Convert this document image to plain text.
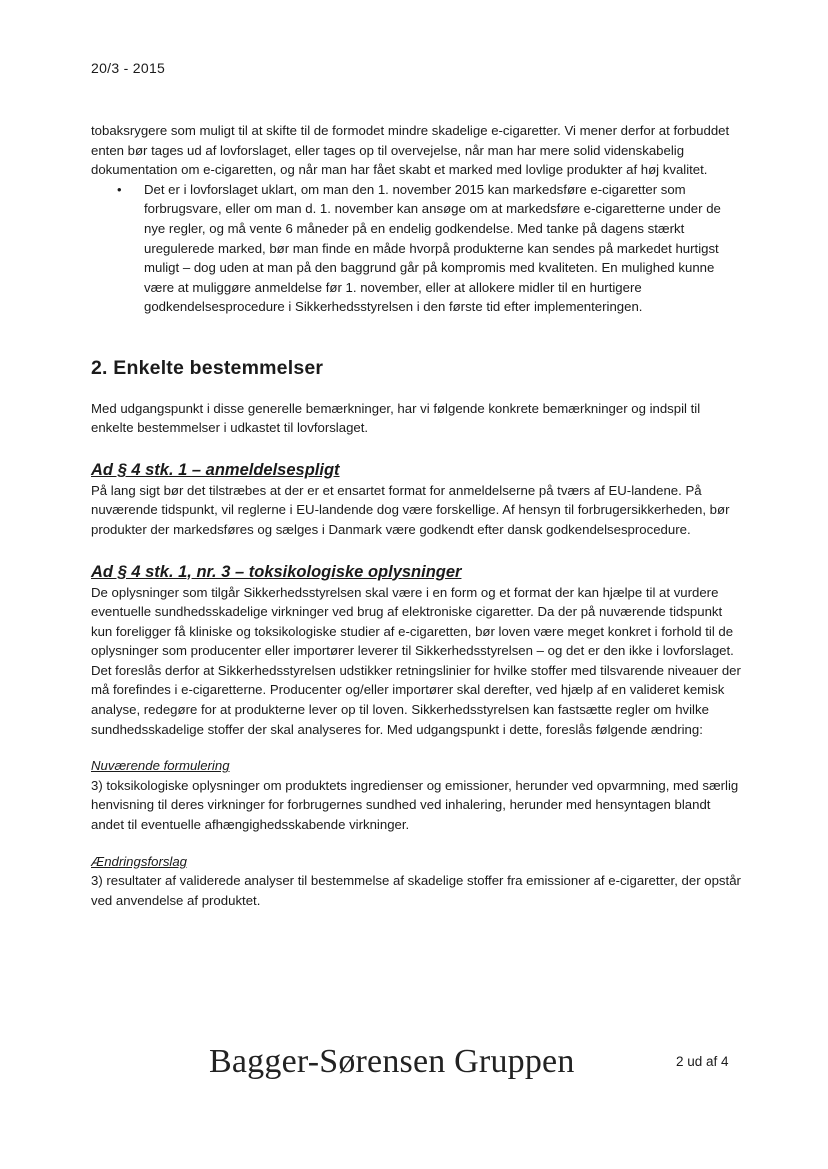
20/3 - 2015

tobaksrygere som muligt til at skifte til de formodet mindre skadelige e-cigaretter. Vi mener derfor at forbuddet enten bør tages ud af lovforslaget, eller tages op til overvejelse, når man har mere solid videnskabelig dokumentation om e-cigaretten, og når man har fået skabt et marked med lovlige produkter af høj kvalitet.

• Det er i lovforslaget uklart, om man den 1. november 2015 kan markedsføre e-cigaretter som forbrugsvare, eller om man d. 1. november kan ansøge om at markedsføre e-cigaretterne under de nye regler, og må vente 6 måneder på en endelig godkendelse. Med tanke på dagens stærkt uregulerede marked, bør man finde en måde hvorpå produkterne kan sendes på markedet hurtigst muligt – dog uden at man på den baggrund går på kompromis med kvaliteten. En mulighed kunne være at muliggøre anmeldelse før 1. november, eller at allokere midler til en hurtigere godkendelsesprocedure i Sikkerhedsstyrelsen i den første tid efter implementeringen.

2. Enkelte bestemmelser

Med udgangspunkt i disse generelle bemærkninger, har vi følgende konkrete bemærkninger og indspil til enkelte bestemmelser i udkastet til lovforslaget.

Ad § 4 stk. 1 – anmeldelsespligt

På lang sigt bør det tilstræbes at der er et ensartet format for anmeldelserne på tværs af EU-landene. På nuværende tidspunkt, vil reglerne i EU-landende dog være forskellige. Af hensyn til forbrugersikkerheden, bør produkter der markedsføres og sælges i Danmark være godkendt efter dansk godkendelsesprocedure.

Ad § 4 stk. 1, nr. 3 – toksikologiske oplysninger

De oplysninger som tilgår Sikkerhedsstyrelsen skal være i en form og et format der kan hjælpe til at vurdere eventuelle sundhedsskadelige virkninger ved brug af elektroniske cigaretter. Da der på nuværende tidspunkt kun foreligger få kliniske og toksikologiske studier af e-cigaretten, bør loven være meget konkret i forhold til de oplysninger som producenter eller importører leverer til Sikkerhedsstyrelsen – og det er den ikke i lovforslaget. Det foreslås derfor at Sikkerhedsstyrelsen udstikker retningslinier for hvilke stoffer med tilsvarende niveauer der må forefindes i e-cigaretterne. Producenter og/eller importører skal derefter, ved hjælp af en valideret kemisk analyse, redegøre for at produkterne lever op til loven. Sikkerhedsstyrelsen kan fastsætte regler om hvilke sundhedsskadelige stoffer der skal analyseres for. Med udgangspunkt i dette, foreslås følgende ændring:

Nuværende formulering

3) toksikologiske oplysninger om produktets ingredienser og emissioner, herunder ved opvarmning, med særlig henvisning til deres virkninger for forbrugernes sundhed ved inhalering, herunder med hensyntagen blandt andet til eventuelle afhængighedsskabende virkninger.

Ændringsforslag

3) resultater af validerede analyser til bestemmelse af skadelige stoffer fra emissioner af e-cigaretter, der opstår ved anvendelse af produktet.

Bagger-Sørensen Gruppen	2 ud af 4
